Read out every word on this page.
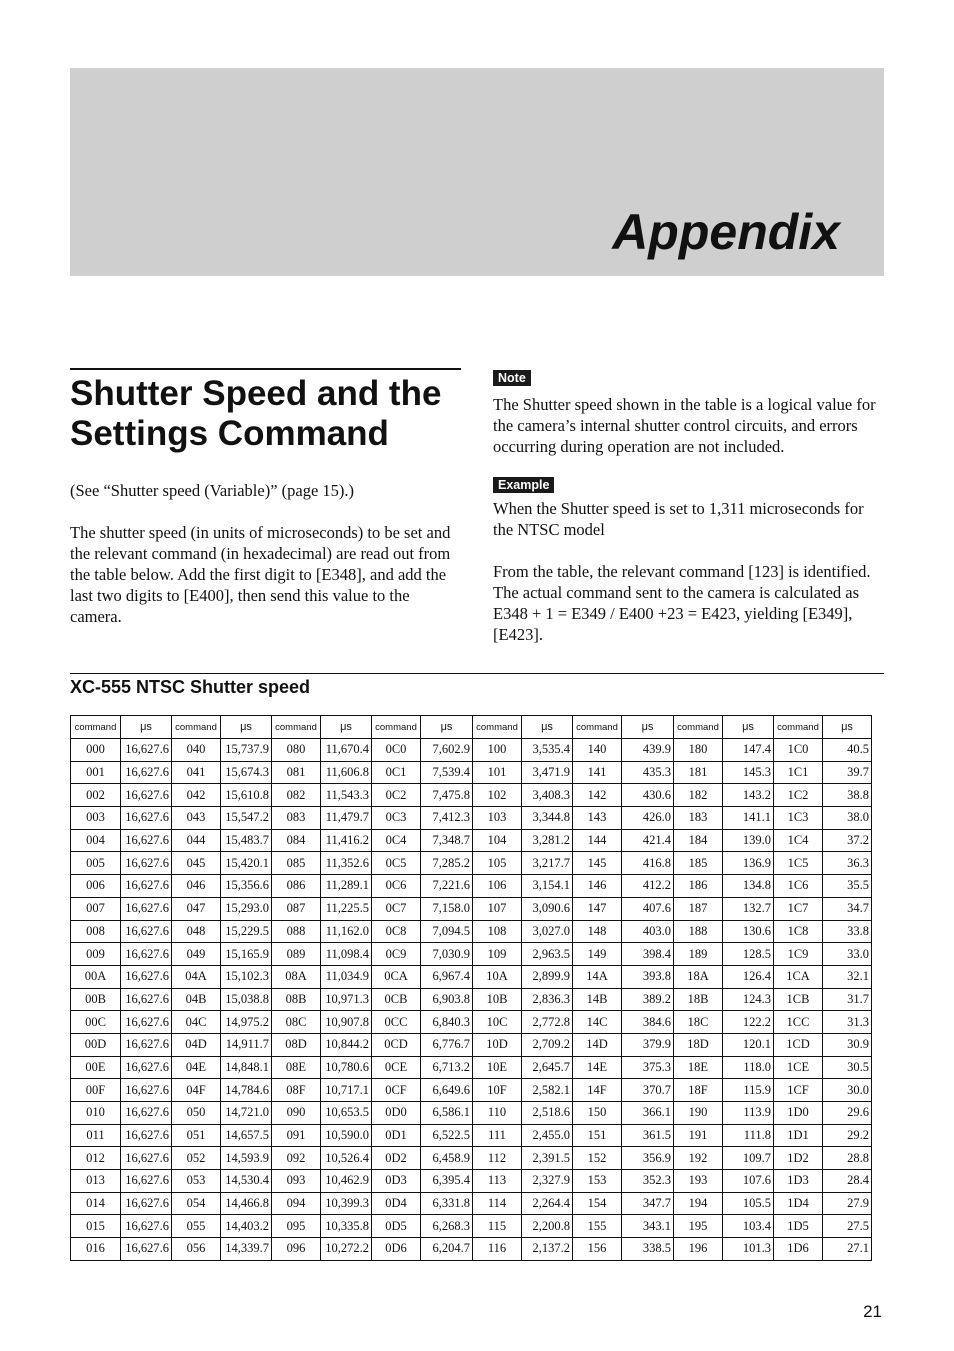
Appendix
Shutter Speed and the
Settings Command

(See “Shutter speed (Variable)” (page 15).)

The shutter speed (in units of microseconds) to be set and the relevant command (in hexadecimal) are read out from the table below. Add the first digit to [E348], and add the last two digits to [E400], then send this value to the camera.

Note

The Shutter speed shown in the table is a logical value for the camera’s internal shutter control circuits, and errors occurring during operation are not included.

Example

When the Shutter speed is set to 1,311 microseconds for the NTSC model

From the table, the relevant command [123] is identified. The actual command sent to the camera is calculated as E348 + 1 = E349 / E400 +23 = E423, yielding [E349], [E423].

XC-555 NTSC Shutter speed
command	μs	command	μs	command	μs	command	μs	command	μs	command	μs	command	μs	command	μs
000	16,627.6	040	15,737.9	080	11,670.4	0C0	7,602.9	100	3,535.4	140	439.9	180	147.4	1C0	40.5
001	16,627.6	041	15,674.3	081	11,606.8	0C1	7,539.4	101	3,471.9	141	435.3	181	145.3	1C1	39.7
002	16,627.6	042	15,610.8	082	11,543.3	0C2	7,475.8	102	3,408.3	142	430.6	182	143.2	1C2	38.8
003	16,627.6	043	15,547.2	083	11,479.7	0C3	7,412.3	103	3,344.8	143	426.0	183	141.1	1C3	38.0
004	16,627.6	044	15,483.7	084	11,416.2	0C4	7,348.7	104	3,281.2	144	421.4	184	139.0	1C4	37.2
005	16,627.6	045	15,420.1	085	11,352.6	0C5	7,285.2	105	3,217.7	145	416.8	185	136.9	1C5	36.3
006	16,627.6	046	15,356.6	086	11,289.1	0C6	7,221.6	106	3,154.1	146	412.2	186	134.8	1C6	35.5
007	16,627.6	047	15,293.0	087	11,225.5	0C7	7,158.0	107	3,090.6	147	407.6	187	132.7	1C7	34.7
008	16,627.6	048	15,229.5	088	11,162.0	0C8	7,094.5	108	3,027.0	148	403.0	188	130.6	1C8	33.8
009	16,627.6	049	15,165.9	089	11,098.4	0C9	7,030.9	109	2,963.5	149	398.4	189	128.5	1C9	33.0
00A	16,627.6	04A	15,102.3	08A	11,034.9	0CA	6,967.4	10A	2,899.9	14A	393.8	18A	126.4	1CA	32.1
00B	16,627.6	04B	15,038.8	08B	10,971.3	0CB	6,903.8	10B	2,836.3	14B	389.2	18B	124.3	1CB	31.7
00C	16,627.6	04C	14,975.2	08C	10,907.8	0CC	6,840.3	10C	2,772.8	14C	384.6	18C	122.2	1CC	31.3
00D	16,627.6	04D	14,911.7	08D	10,844.2	0CD	6,776.7	10D	2,709.2	14D	379.9	18D	120.1	1CD	30.9
00E	16,627.6	04E	14,848.1	08E	10,780.6	0CE	6,713.2	10E	2,645.7	14E	375.3	18E	118.0	1CE	30.5
00F	16,627.6	04F	14,784.6	08F	10,717.1	0CF	6,649.6	10F	2,582.1	14F	370.7	18F	115.9	1CF	30.0
010	16,627.6	050	14,721.0	090	10,653.5	0D0	6,586.1	110	2,518.6	150	366.1	190	113.9	1D0	29.6
011	16,627.6	051	14,657.5	091	10,590.0	0D1	6,522.5	111	2,455.0	151	361.5	191	111.8	1D1	29.2
012	16,627.6	052	14,593.9	092	10,526.4	0D2	6,458.9	112	2,391.5	152	356.9	192	109.7	1D2	28.8
013	16,627.6	053	14,530.4	093	10,462.9	0D3	6,395.4	113	2,327.9	153	352.3	193	107.6	1D3	28.4
014	16,627.6	054	14,466.8	094	10,399.3	0D4	6,331.8	114	2,264.4	154	347.7	194	105.5	1D4	27.9
015	16,627.6	055	14,403.2	095	10,335.8	0D5	6,268.3	115	2,200.8	155	343.1	195	103.4	1D5	27.5
016	16,627.6	056	14,339.7	096	10,272.2	0D6	6,204.7	116	2,137.2	156	338.5	196	101.3	1D6	27.1

21
